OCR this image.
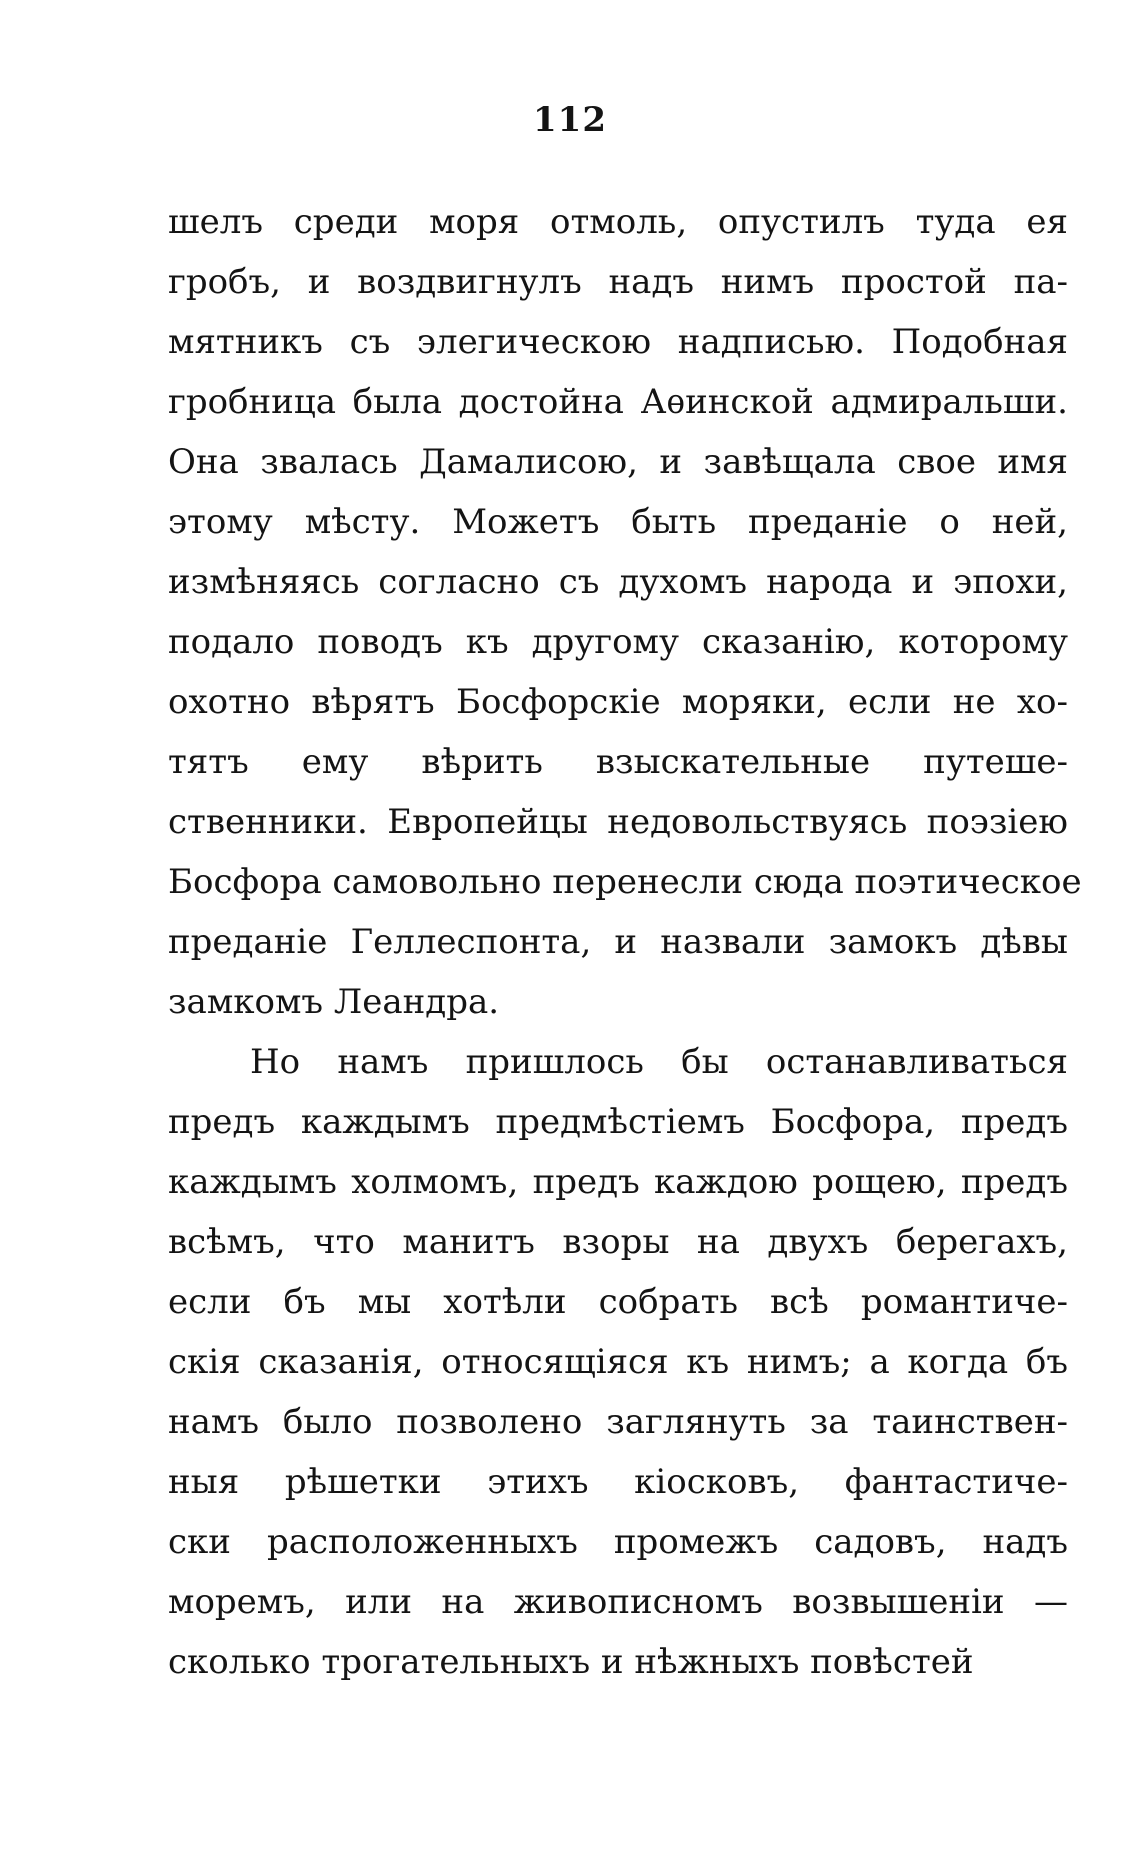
112

шелъ среди моря отмоль, опустилъ туда ея
гробъ, и воздвигнулъ надъ нимъ простой па-
мятникъ съ элегическою надписью. Подобная
гробница была достойна Аѳинской адмиральши.
Она звалась Дамалисою, и завѣщала свое имя
этому мѣсту. Можетъ быть преданіе о ней,
измѣняясь согласно съ духомъ народа и эпохи,
подало поводъ къ другому сказанію, которому
охотно вѣрятъ Босфорскіе моряки, если не хо-
тятъ ему вѣрить взыскательные путеше-
ственники. Европейцы недовольствуясь поэзіею
Босфора самовольно перенесли сюда поэтическое
преданіе Геллеспонта, и назвали замокъ дѣвы
замкомъ Леандра.
Но намъ пришлось бы останавливаться
предъ каждымъ предмѣстіемъ Босфора, предъ
каждымъ холмомъ, предъ каждою рощею, предъ
всѣмъ, что манитъ взоры на двухъ берегахъ,
если бъ мы хотѣли собрать всѣ романтиче-
скія сказанія, относящіяся къ нимъ; а когда бъ
намъ было позволено заглянуть за таинствен-
ныя рѣшетки этихъ кіосковъ, фантастиче-
ски расположенныхъ промежъ садовъ, надъ
моремъ, или на живописномъ возвышеніи —
сколько трогательныхъ и нѣжныхъ повѣстей
